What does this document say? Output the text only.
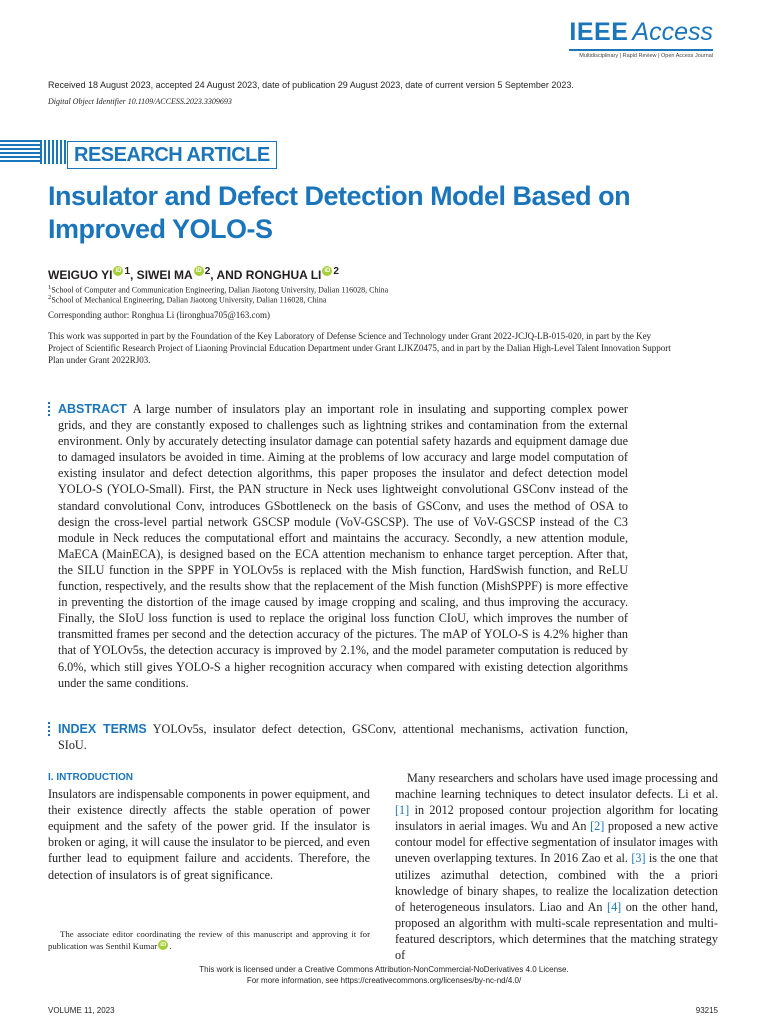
IEEE Access
Multidisciplinary | Rapid Review | Open Access Journal
Received 18 August 2023, accepted 24 August 2023, date of publication 29 August 2023, date of current version 5 September 2023.
Digital Object Identifier 10.1109/ACCESS.2023.3309693
RESEARCH ARTICLE
Insulator and Defect Detection Model Based on Improved YOLO-S
WEIGUO YI iD $^1$, SIWEI MA iD $^2$, AND RONGHUA LI iD $^2$
$^1$School of Computer and Communication Engineering, Dalian Jiaotong University, Dalian 116028, China
$^2$School of Mechanical Engineering, Dalian Jiaotong University, Dalian 116028, China
Corresponding author: Ronghua Li (lironghua705@163.com)
This work was supported in part by the Foundation of the Key Laboratory of Defense Science and Technology under Grant 2022-JCJQ-LB-015-020, in part by the Key Project of Scientific Research Project of Liaoning Provincial Education Department under Grant LJKZ0475, and in part by the Dalian High-Level Talent Innovation Support Plan under Grant 2022RJ03.
ABSTRACT A large number of insulators play an important role in insulating and supporting complex power grids, and they are constantly exposed to challenges such as lightning strikes and contamination from the external environment. Only by accurately detecting insulator damage can potential safety hazards and equipment damage due to damaged insulators be avoided in time. Aiming at the problems of low accuracy and large model computation of existing insulator and defect detection algorithms, this paper proposes the insulator and defect detection model YOLO-S (YOLO-Small). First, the PAN structure in Neck uses lightweight convolutional GSConv instead of the standard convolutional Conv, introduces GSbottleneck on the basis of GSConv, and uses the method of OSA to design the cross-level partial network GSCSP module (VoV-GSCSP). The use of VoV-GSCSP instead of the C3 module in Neck reduces the computational effort and maintains the accuracy. Secondly, a new attention module, MaECA (MainECA), is designed based on the ECA attention mechanism to enhance target perception. After that, the SILU function in the SPPF in YOLOv5s is replaced with the Mish function, HardSwish function, and ReLU function, respectively, and the results show that the replacement of the Mish function (MishSPPF) is more effective in preventing the distortion of the image caused by image cropping and scaling, and thus improving the accuracy. Finally, the SIoU loss function is used to replace the original loss function CIoU, which improves the number of transmitted frames per second and the detection accuracy of the pictures. The mAP of YOLO-S is 4.2% higher than that of YOLOv5s, the detection accuracy is improved by 2.1%, and the model parameter computation is reduced by 6.0%, which still gives YOLO-S a higher recognition accuracy when compared with existing detection algorithms under the same conditions.
INDEX TERMS YOLOv5s, insulator defect detection, GSConv, attentional mechanisms, activation function, SIoU.
I. INTRODUCTION
Insulators are indispensable components in power equipment, and their existence directly affects the stable operation of power equipment and the safety of the power grid. If the insulator is broken or aging, it will cause the insulator to be pierced, and even further lead to equipment failure and accidents. Therefore, the detection of insulators is of great significance.
Many researchers and scholars have used image processing and machine learning techniques to detect insulator defects. Li et al. [1] in 2012 proposed contour projection algorithm for locating insulators in aerial images. Wu and An [2] proposed a new active contour model for effective segmentation of insulator images with uneven overlapping textures. In 2016 Zao et al. [3] is the one that utilizes azimuthal detection, combined with the a priori knowledge of binary shapes, to realize the localization detection of heterogeneous insulators. Liao and An [4] on the other hand, proposed an algorithm with multi-scale representation and multi-featured descriptors, which determines that the matching strategy of
The associate editor coordinating the review of this manuscript and approving it for publication was Senthil Kumar iD .
This work is licensed under a Creative Commons Attribution-NonCommercial-NoDerivatives 4.0 License.
For more information, see https://creativecommons.org/licenses/by-nc-nd/4.0/
VOLUME 11, 2023	93215
